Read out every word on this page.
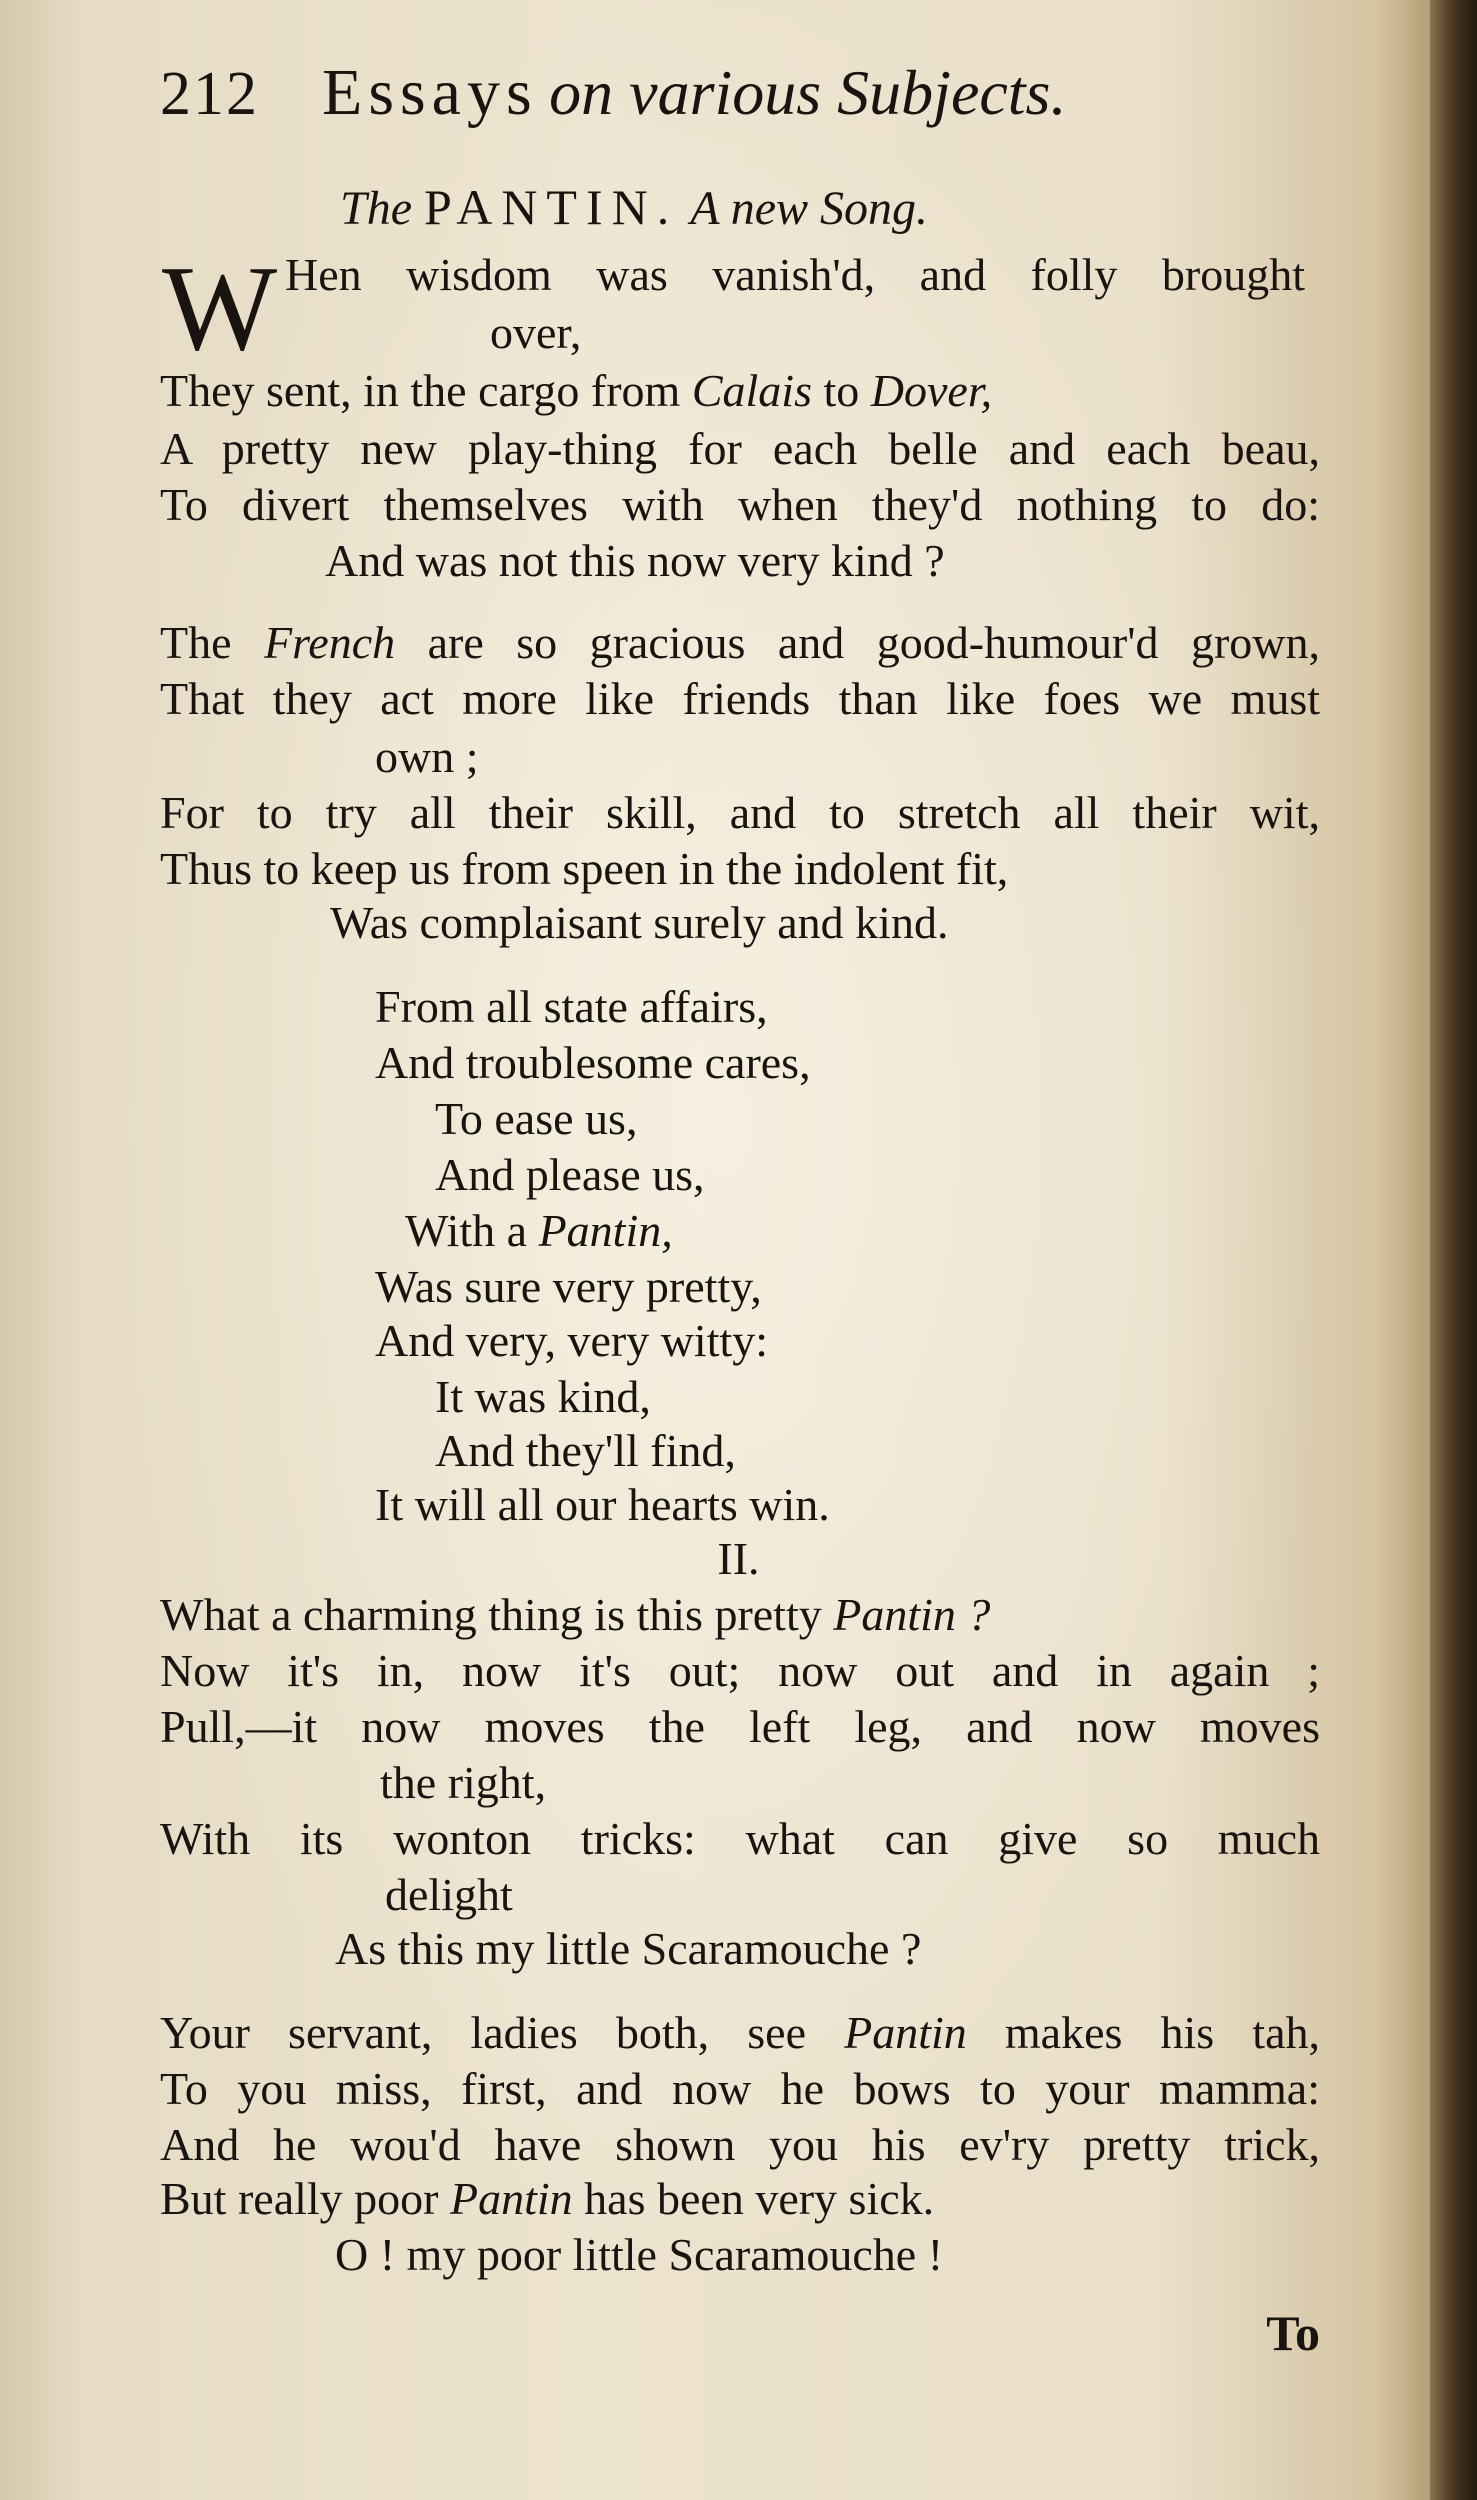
212 Essays on various Subjects.
The PANTIN. A new Song.
W Hen wisdom was vanish'd, and folly brought
over,
They sent, in the cargo from Calais to Dover,
A pretty new play-thing for each belle and each beau,
To divert themselves with when they'd nothing to do:
And was not this now very kind ?
The French are so gracious and good-humour'd grown,
That they act more like friends than like foes we must
own ;
For to try all their skill, and to stretch all their wit,
Thus to keep us from speen in the indolent fit,
Was complaisant surely and kind.
From all state affairs,
And troublesome cares,
To ease us,
And please us,
With a Pantin,
Was sure very pretty,
And very, very witty:
It was kind,
And they'll find,
It will all our hearts win.
II.
What a charming thing is this pretty Pantin ?
Now it's in, now it's out; now out and in again ;
Pull,—it now moves the left leg, and now moves
the right,
With its wonton tricks: what can give so much
delight
As this my little Scaramouche ?
Your servant, ladies both, see Pantin makes his tah,
To you miss, first, and now he bows to your mamma:
And he wou'd have shown you his ev'ry pretty trick,
But really poor Pantin has been very sick.
O ! my poor little Scaramouche !
To
